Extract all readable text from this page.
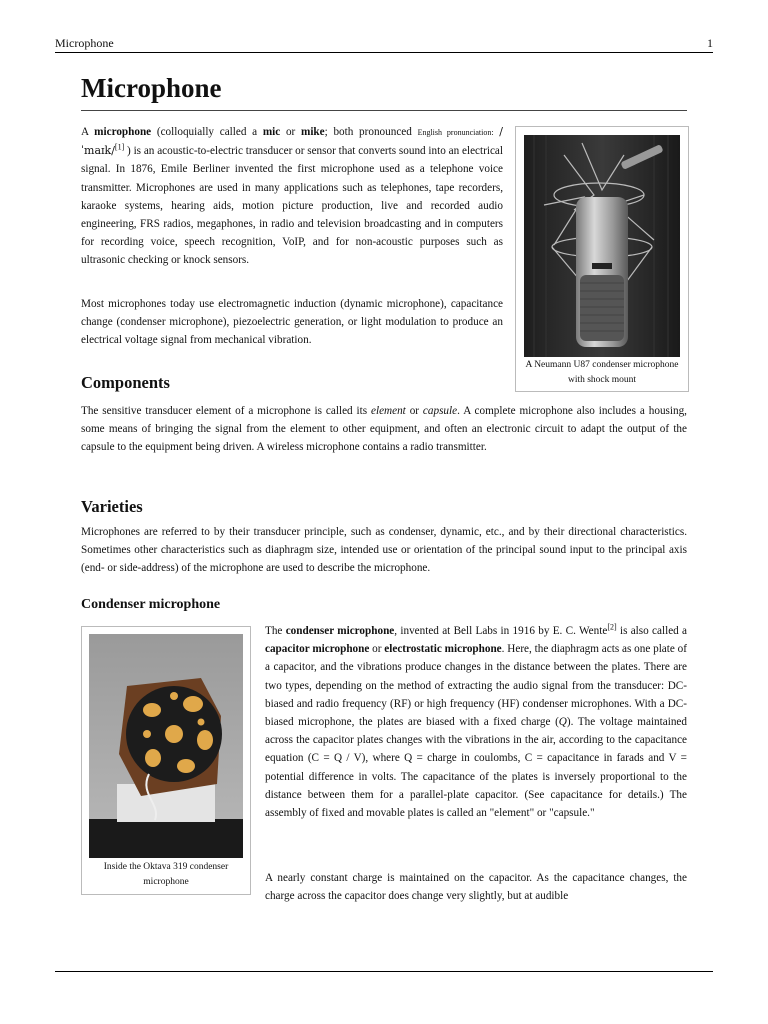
Microphone	1
Microphone

A microphone (colloquially called a mic or mike; both pronounced English pronunciation: /ˈmaɪk/[1] ) is an acoustic-to-electric transducer or sensor that converts sound into an electrical signal. In 1876, Emile Berliner invented the first microphone used as a telephone voice transmitter. Microphones are used in many applications such as telephones, tape recorders, karaoke systems, hearing aids, motion picture production, live and recorded audio engineering, FRS radios, megaphones, in radio and television broadcasting and in computers for recording voice, speech recognition, VoIP, and for non-acoustic purposes such as ultrasonic checking or knock sensors.

Most microphones today use electromagnetic induction (dynamic microphone), capacitance change (condenser microphone), piezoelectric generation, or light modulation to produce an electrical voltage signal from mechanical vibration.

A Neumann U87 condenser microphone with shock mount
Components

The sensitive transducer element of a microphone is called its element or capsule. A complete microphone also includes a housing, some means of bringing the signal from the element to other equipment, and often an electronic circuit to adapt the output of the capsule to the equipment being driven. A wireless microphone contains a radio transmitter.

Varieties

Microphones are referred to by their transducer principle, such as condenser, dynamic, etc., and by their directional characteristics. Sometimes other characteristics such as diaphragm size, intended use or orientation of the principal sound input to the principal axis (end- or side-address) of the microphone are used to describe the microphone.

Condenser microphone
Inside the Oktava 319 condenser microphone

The condenser microphone, invented at Bell Labs in 1916 by E. C. Wente[2] is also called a capacitor microphone or electrostatic microphone. Here, the diaphragm acts as one plate of a capacitor, and the vibrations produce changes in the distance between the plates. There are two types, depending on the method of extracting the audio signal from the transducer: DC-biased and radio frequency (RF) or high frequency (HF) condenser microphones. With a DC-biased microphone, the plates are biased with a fixed charge (Q). The voltage maintained across the capacitor plates changes with the vibrations in the air, according to the capacitance equation (C = Q / V), where Q = charge in coulombs, C = capacitance in farads and V = potential difference in volts. The capacitance of the plates is inversely proportional to the distance between them for a parallel-plate capacitor. (See capacitance for details.) The assembly of fixed and movable plates is called an "element" or "capsule."

A nearly constant charge is maintained on the capacitor. As the capacitance changes, the charge across the capacitor does change very slightly, but at audible
